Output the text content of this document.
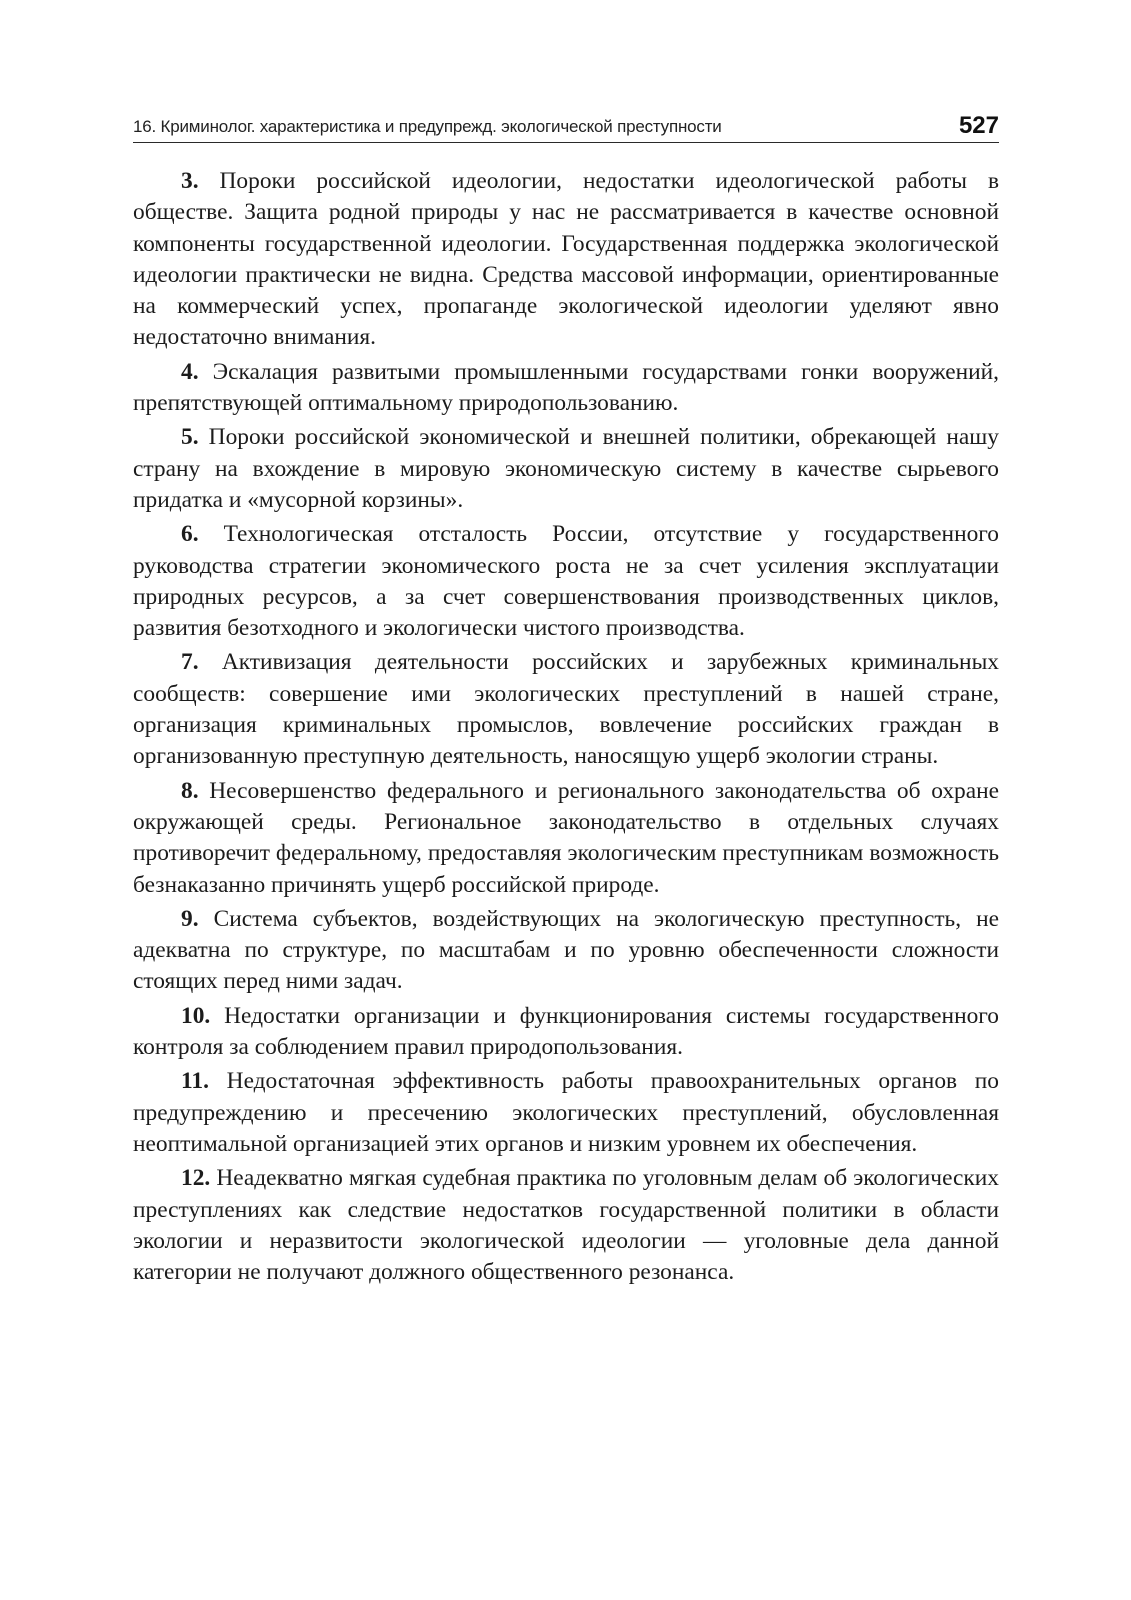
16. Криминолог. характеристика и предупрежд. экологической преступности	527

3. Пороки российской идеологии, недостатки идеологической работы в обществе. Защита родной природы у нас не рассматривается в качестве основной компоненты государственной идеологии. Государственная поддержка экологической идеологии практически не видна. Средства массовой информации, ориентированные на коммерческий успех, пропаганде экологической идеологии уделяют явно недостаточно внимания.

4. Эскалация развитыми промышленными государствами гонки вооружений, препятствующей оптимальному природопользованию.

5. Пороки российской экономической и внешней политики, обрекающей нашу страну на вхождение в мировую экономическую систему в качестве сырьевого придатка и «мусорной корзины».

6. Технологическая отсталость России, отсутствие у государственного руководства стратегии экономического роста не за счет усиления эксплуатации природных ресурсов, а за счет совершенствования производственных циклов, развития безотходного и экологически чистого производства.

7. Активизация деятельности российских и зарубежных криминальных сообществ: совершение ими экологических преступлений в нашей стране, организация криминальных промыслов, вовлечение российских граждан в организованную преступную деятельность, наносящую ущерб экологии страны.

8. Несовершенство федерального и регионального законодательства об охране окружающей среды. Региональное законодательство в отдельных случаях противоречит федеральному, предоставляя экологическим преступникам возможность безнаказанно причинять ущерб российской природе.

9. Система субъектов, воздействующих на экологическую преступность, не адекватна по структуре, по масштабам и по уровню обеспеченности сложности стоящих перед ними задач.

10. Недостатки организации и функционирования системы государственного контроля за соблюдением правил природопользования.

11. Недостаточная эффективность работы правоохранительных органов по предупреждению и пресечению экологических преступлений, обусловленная неоптимальной организацией этих органов и низким уровнем их обеспечения.

12. Неадекватно мягкая судебная практика по уголовным делам об экологических преступлениях как следствие недостатков государственной политики в области экологии и неразвитости экологической идеологии — уголовные дела данной категории не получают должного общественного резонанса.
